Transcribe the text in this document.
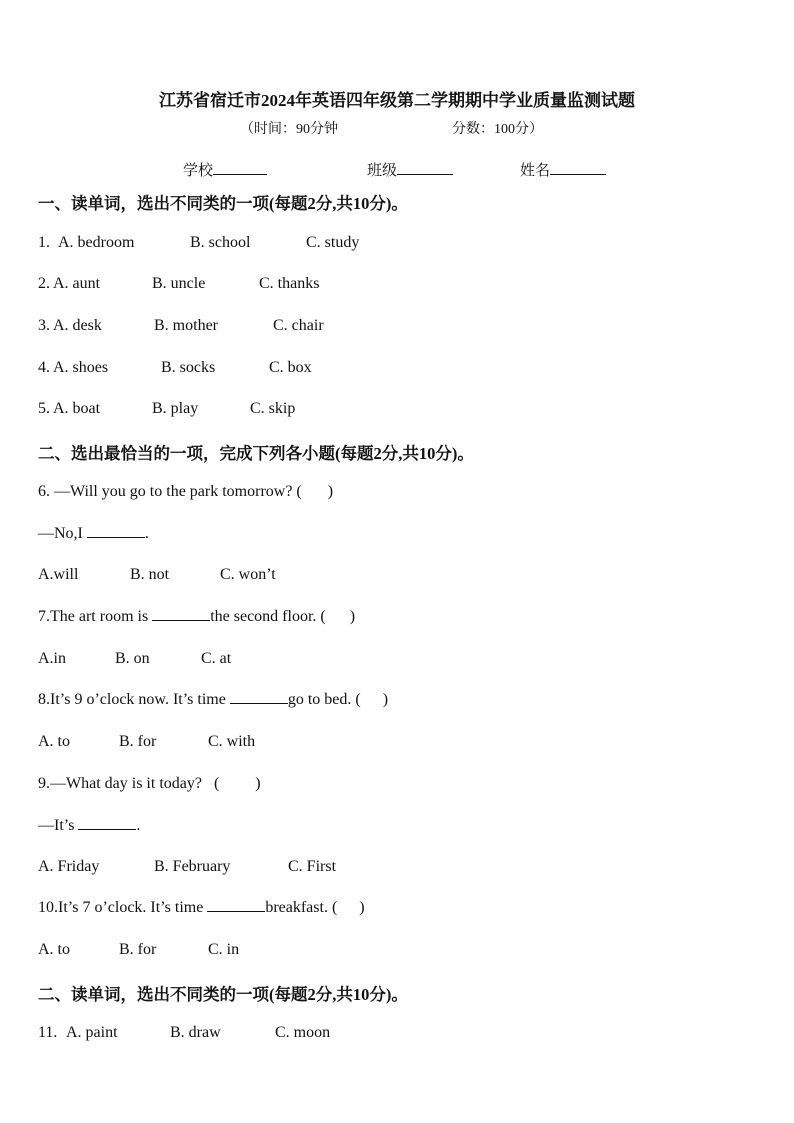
江苏省宿迁市2024年英语四年级第二学期期中学业质量监测试题
（时间：90分钟	分数：100分）
学校	班级	姓名
一、读单词，选出不同类的一项(每题2分,共10分)。
1. A. bedroom	B. school	C. study
2. A. aunt	B. uncle	C. thanks
3. A. desk	B. mother	C. chair
4. A. shoes	B. socks	C. box
5. A. boat	B. play	C. skip
二、选出最恰当的一项，完成下列各小题(每题2分,共10分)。
6. —Will you go to the park tomorrow? ( )
—No,I	.
A.will	B. not	C. won’t
7.The art room is	the second floor. ( )
A.in	B. on	C. at
8.It’s 9 o’clock now. It’s time	go to bed. ( )
A. to	B. for	C. with
9.—What day is it today? ( )
—It’s	.
A. Friday	B. February	C. First
10.It’s 7 o’clock. It’s time	breakfast. ( )
A. to	B. for	C. in
二、读单词，选出不同类的一项(每题2分,共10分)。
11. A. paint	B. draw	C. moon
